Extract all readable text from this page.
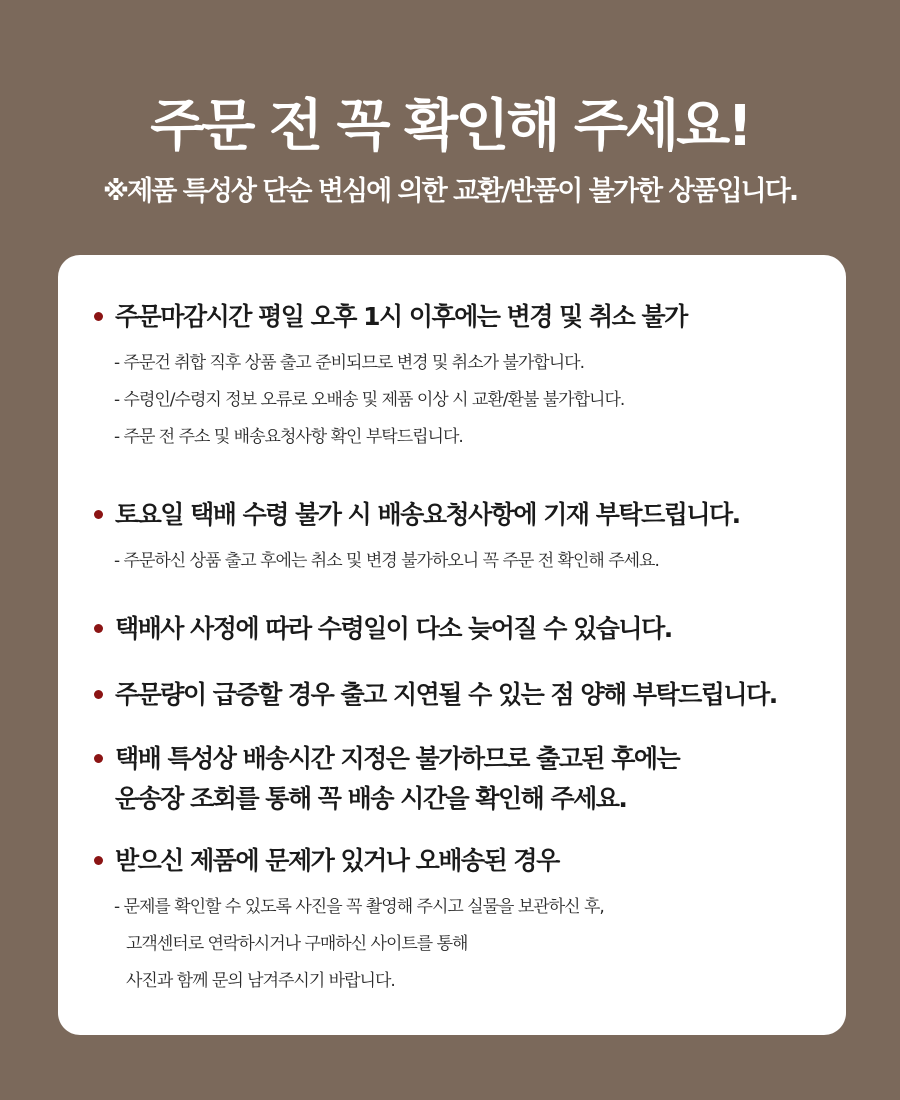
주문 전 꼭 확인해 주세요!
※제품 특성상 단순 변심에 의한 교환/반품이 불가한 상품입니다.
주문마감시간 평일 오후 1시 이후에는 변경 및 취소 불가
- 주문건 취합 직후 상품 출고 준비되므로 변경 및 취소가 불가합니다.
- 수령인/수령지 정보 오류로 오배송 및 제품 이상 시 교환/환불 불가합니다.
- 주문 전 주소 및 배송요청사항 확인 부탁드립니다.
토요일 택배 수령 불가 시 배송요청사항에 기재 부탁드립니다.
- 주문하신 상품 출고 후에는 취소 및 변경 불가하오니 꼭 주문 전 확인해 주세요.
택배사 사정에 따라 수령일이 다소 늦어질 수 있습니다.
주문량이 급증할 경우 출고 지연될 수 있는 점 양해 부탁드립니다.
택배 특성상 배송시간 지정은 불가하므로 출고된 후에는
운송장 조회를 통해 꼭 배송 시간을 확인해 주세요.
받으신 제품에 문제가 있거나 오배송된 경우
- 문제를 확인할 수 있도록 사진을 꼭 촬영해 주시고 실물을 보관하신 후,
고객센터로 연락하시거나 구매하신 사이트를 통해
사진과 함께 문의 남겨주시기 바랍니다.
